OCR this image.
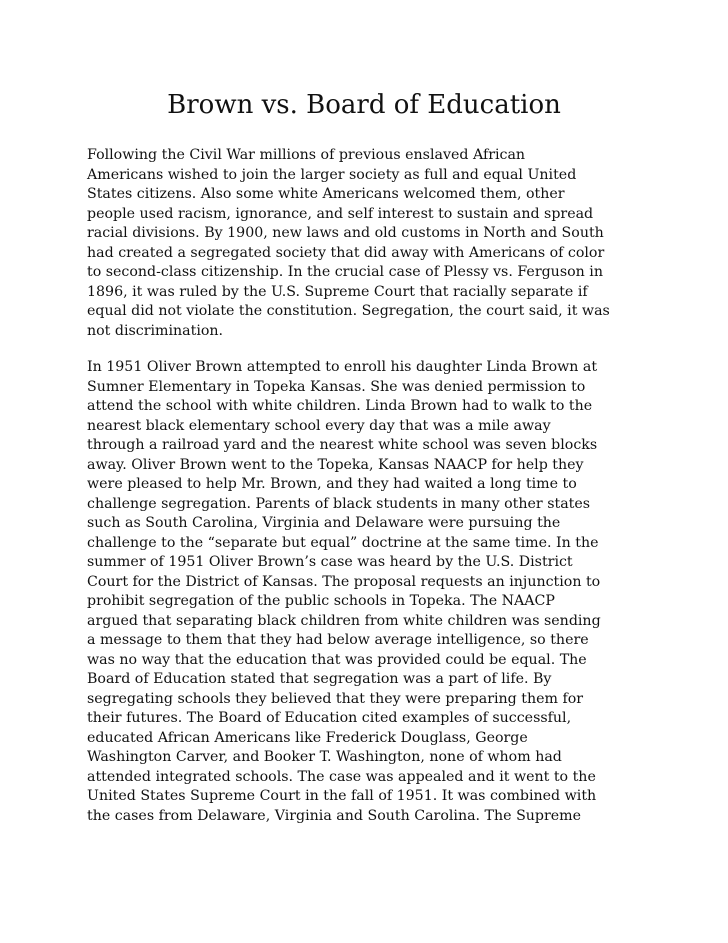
Brown vs. Board of Education

Following the Civil War millions of previous enslaved African
Americans wished to join the larger society as full and equal United
States citizens. Also some white Americans welcomed them, other
people used racism, ignorance, and self interest to sustain and spread
racial divisions. By 1900, new laws and old customs in North and South
had created a segregated society that did away with Americans of color
to second-class citizenship. In the crucial case of Plessy vs. Ferguson in
1896, it was ruled by the U.S. Supreme Court that racially separate if
equal did not violate the constitution. Segregation, the court said, it was
not discrimination.

In 1951 Oliver Brown attempted to enroll his daughter Linda Brown at
Sumner Elementary in Topeka Kansas. She was denied permission to
attend the school with white children. Linda Brown had to walk to the
nearest black elementary school every day that was a mile away
through a railroad yard and the nearest white school was seven blocks
away. Oliver Brown went to the Topeka, Kansas NAACP for help they
were pleased to help Mr. Brown, and they had waited a long time to
challenge segregation. Parents of black students in many other states
such as South Carolina, Virginia and Delaware were pursuing the
challenge to the “separate but equal” doctrine at the same time. In the
summer of 1951 Oliver Brown’s case was heard by the U.S. District
Court for the District of Kansas. The proposal requests an injunction to
prohibit segregation of the public schools in Topeka. The NAACP
argued that separating black children from white children was sending
a message to them that they had below average intelligence, so there
was no way that the education that was provided could be equal. The
Board of Education stated that segregation was a part of life. By
segregating schools they believed that they were preparing them for
their futures. The Board of Education cited examples of successful,
educated African Americans like Frederick Douglass, George
Washington Carver, and Booker T. Washington, none of whom had
attended integrated schools. The case was appealed and it went to the
United States Supreme Court in the fall of 1951. It was combined with
the cases from Delaware, Virginia and South Carolina. The Supreme
